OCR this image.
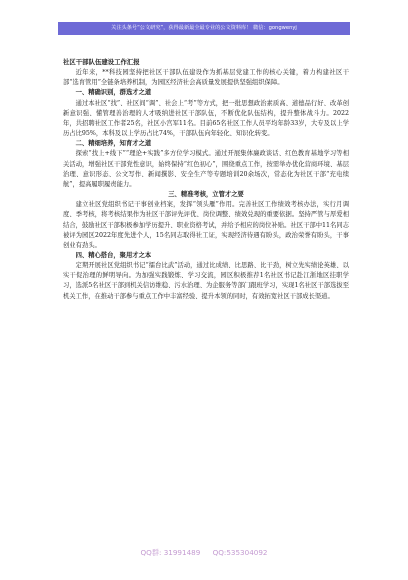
关注头条号“公文研究”，获得最新最全最专业的公文资料库！ 微信：gongwenyj
社区干部队伍建设工作汇报

近年来，**科技园坚持把社区干部队伍建设作为抓基层党建工作的核心关键，着力构建社区干部“选育管用”全链条培养机制，为园区经济社会高质量发展提供坚强组织保障。

一、精确识别，群选才之道

通过本社区“找”、社区间“调”、社会上“考”等方式，把一批思想政治素质高、道德品行好、改革创新意识强、懂管理善治理的人才吸纳进社区干部队伍，不断优化队伍结构，提升整体战斗力。2022年，共招聘社区工作者25名，社区小宫军11名。目前65名社区工作人员平均年龄33岁，大专及以上学历占比95%，本科及以上学历占比74%，干部队伍向年轻化、知识化转变。

二、精细培养，知育才之道

探索“找上+线下”“理论+实践”多方位学习模式。通过开展集体廉政谈话、红色教育基地学习等相关活动，增强社区干部党性意识，始终保持“红色初心”，围绕重点工作，按需举办优化营商环境、基层治理、意识形态、公文写作、新闻撰影、安全生产等专题培训20余场次，常态化为社区干部“充电续航”，提高履职履责能力。

三、精准考核，立管才之要

建立社区党组织书记干事创业档案，发挥“领头雁”作用。完善社区工作绩效考核办法，实行月调度、季考核，将考核结果作为社区干部评先评优、岗位调整、绩效兑现的重要依据。坚持严管与厚爱相结合，鼓励社区干部积极参加学历提升、职业资格考试，并给予相应的岗位补贴。社区干部中11名同志被评为园区2022年度先进个人，15名同志取得社工证，实现经济待遇有盼头，政治荣誉有盼头，干事创业有劲头。

四、精心搭台，聚用才之本

定期开展社区党组织书记“擂台比武”活动，通过比成绩、比思路、比干劲，树立先实绩论英雄、以实干促治理的鲜明导向。为加强实践锻炼、学习交流，园区积极推荐1名社区书记赴江浙地区挂职学习，选派5名社区干部到机关信访维稳、污水治理、为企服务等部门跟班学习，实现1名社区干部选拔至机关工作，在推动干部参与重点工作中丰富经验、提升本领的同时，有效拓宽社区干部成长渠道。

QQ群: 31991489 QQ:535304092
